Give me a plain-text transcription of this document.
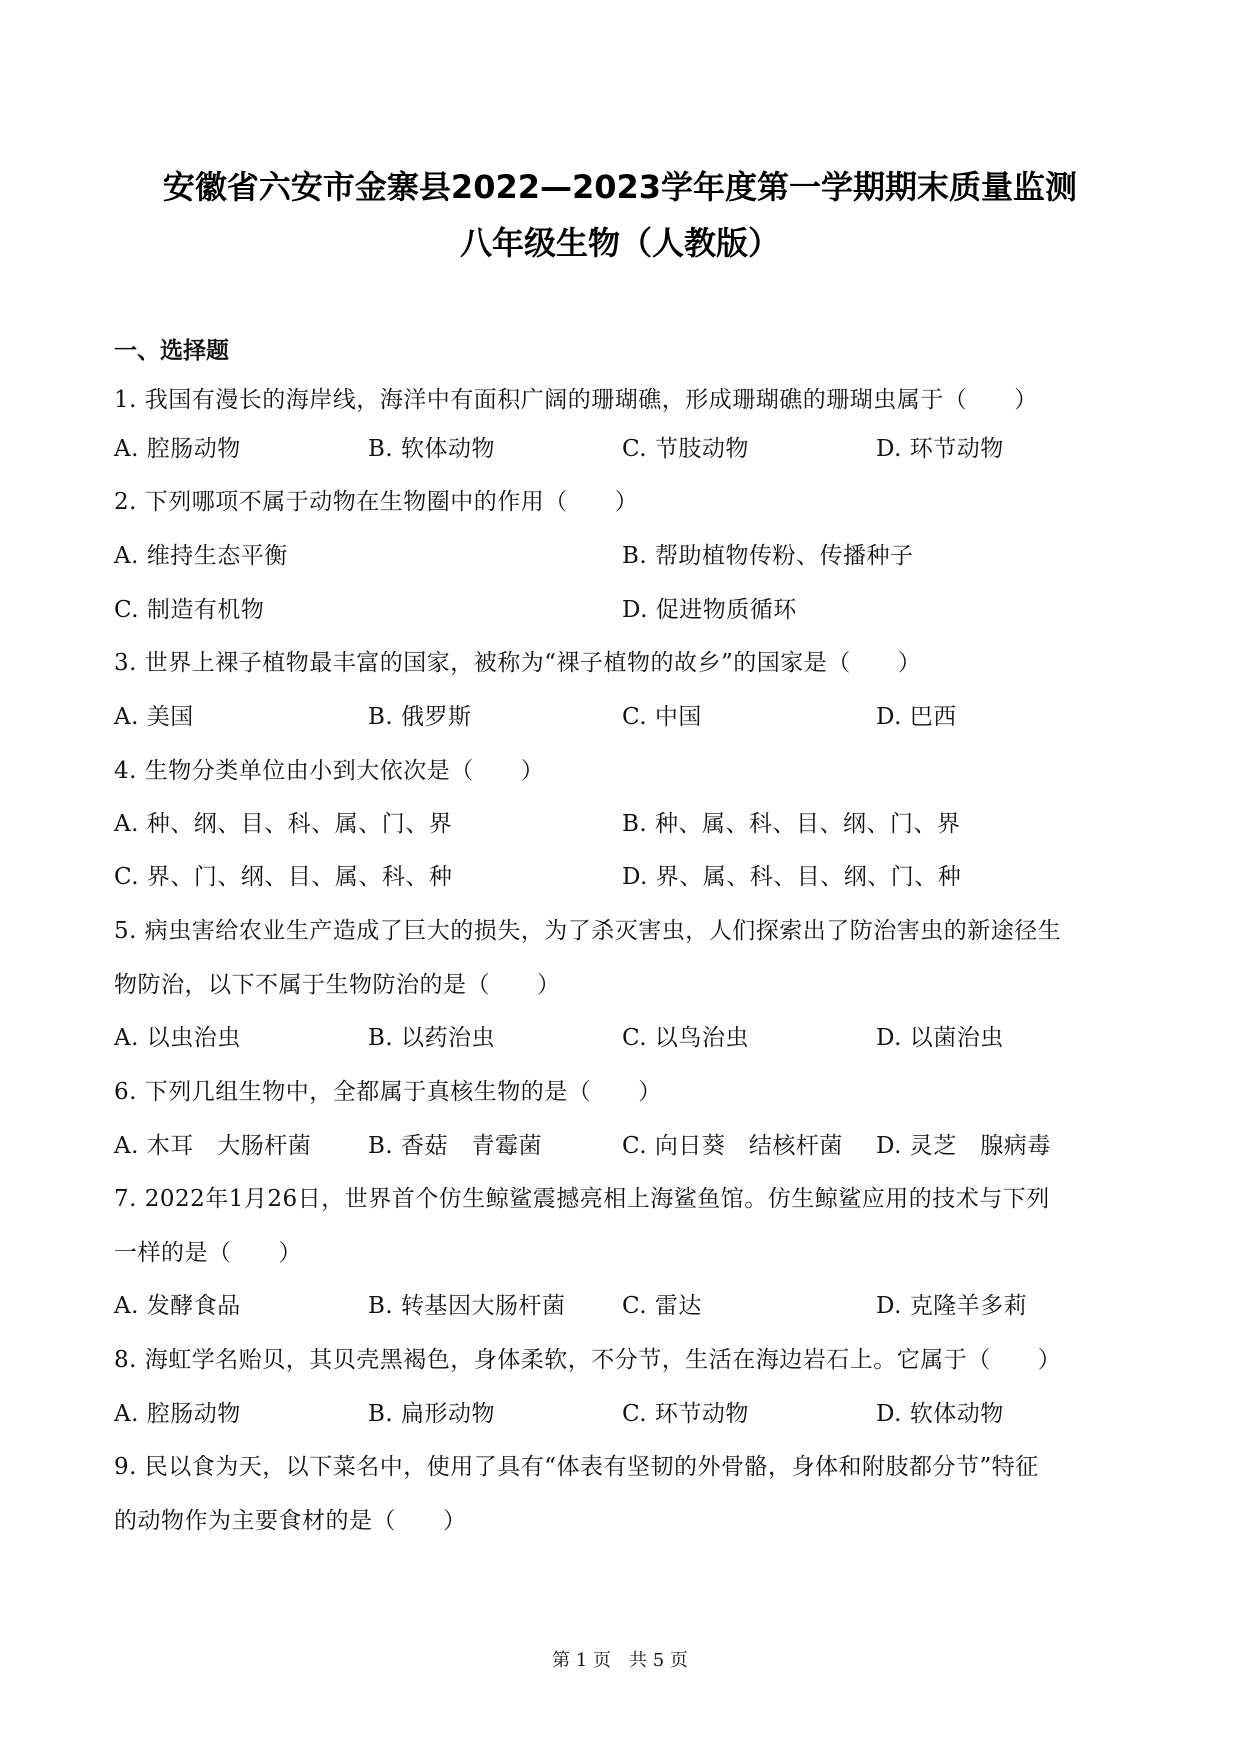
安徽省六安市金寨县2022—2023学年度第一学期期末质量监测
八年级生物（人教版）
一、选择题
1. 我国有漫长的海岸线，海洋中有面积广阔的珊瑚礁，形成珊瑚礁的珊瑚虫属于（　　）
A. 腔肠动物	B. 软体动物	C. 节肢动物	D. 环节动物
2. 下列哪项不属于动物在生物圈中的作用（　　）
A. 维持生态平衡	B. 帮助植物传粉、传播种子
C. 制造有机物	D. 促进物质循环
3. 世界上裸子植物最丰富的国家，被称为“裸子植物的故乡”的国家是（　　）
A. 美国	B. 俄罗斯	C. 中国	D. 巴西
4. 生物分类单位由小到大依次是（　　）
A. 种、纲、目、科、属、门、界	B. 种、属、科、目、纲、门、界
C. 界、门、纲、目、属、科、种	D. 界、属、科、目、纲、门、种
5. 病虫害给农业生产造成了巨大的损失，为了杀灭害虫，人们探索出了防治害虫的新途径生
物防治，以下不属于生物防治的是（　　）
A. 以虫治虫	B. 以药治虫	C. 以鸟治虫	D. 以菌治虫
6. 下列几组生物中，全都属于真核生物的是（　　）
A. 木耳　大肠杆菌 B. 香菇　青霉菌	C. 向日葵　结核杆菌 D. 灵芝　腺病毒
7. 2022年1月26日，世界首个仿生鲸鲨震撼亮相上海鲨鱼馆。仿生鲸鲨应用的技术与下列
一样的是（　　）
A. 发酵食品	B. 转基因大肠杆菌 C. 雷达	D. 克隆羊多莉
8. 海虹学名贻贝，其贝壳黑褐色，身体柔软，不分节，生活在海边岩石上。它属于（　　）
A. 腔肠动物	B. 扁形动物	C. 环节动物	D. 软体动物
9. 民以食为天，以下菜名中，使用了具有“体表有坚韧的外骨骼，身体和附肢都分节”特征
的动物作为主要食材的是（　　）
第 1 页　共 5 页
